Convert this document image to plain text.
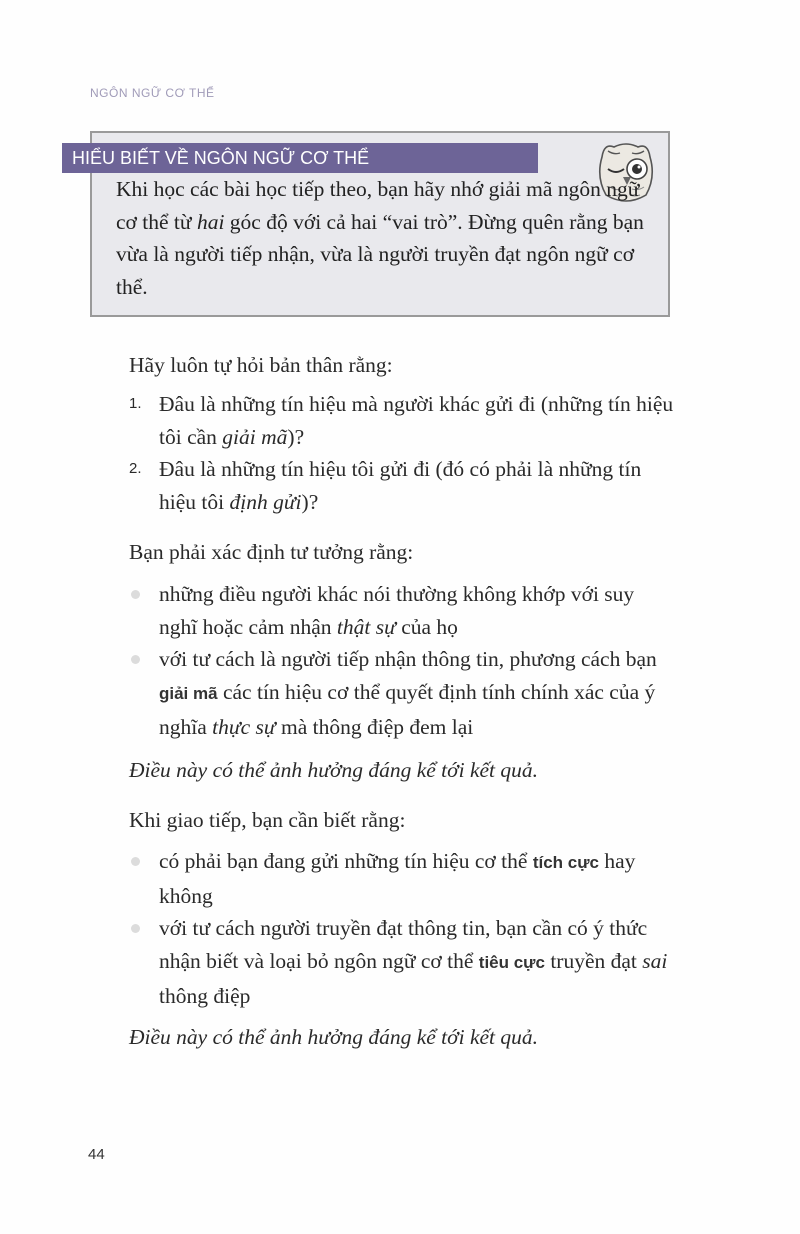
NGÔN NGỮ CƠ THỂ
HIỂU BIẾT VỀ NGÔN NGỮ CƠ THỂ
Khi học các bài học tiếp theo, bạn hãy nhớ giải mã ngôn ngữ cơ thể từ hai góc độ với cả hai “vai trò”. Đừng quên rằng bạn vừa là người tiếp nhận, vừa là người truyền đạt ngôn ngữ cơ thể.
Hãy luôn tự hỏi bản thân rằng:
1. Đâu là những tín hiệu mà người khác gửi đi (những tín hiệu tôi cần giải mã)?
2. Đâu là những tín hiệu tôi gửi đi (đó có phải là những tín hiệu tôi định gửi)?
Bạn phải xác định tư tưởng rằng:
những điều người khác nói thường không khớp với suy nghĩ hoặc cảm nhận thật sự của họ
với tư cách là người tiếp nhận thông tin, phương cách bạn giải mã các tín hiệu cơ thể quyết định tính chính xác của ý nghĩa thực sự mà thông điệp đem lại
Điều này có thể ảnh hưởng đáng kể tới kết quả.
Khi giao tiếp, bạn cần biết rằng:
có phải bạn đang gửi những tín hiệu cơ thể tích cực hay không
với tư cách người truyền đạt thông tin, bạn cần có ý thức nhận biết và loại bỏ ngôn ngữ cơ thể tiêu cực truyền đạt sai thông điệp
Điều này có thể ảnh hưởng đáng kể tới kết quả.
44
